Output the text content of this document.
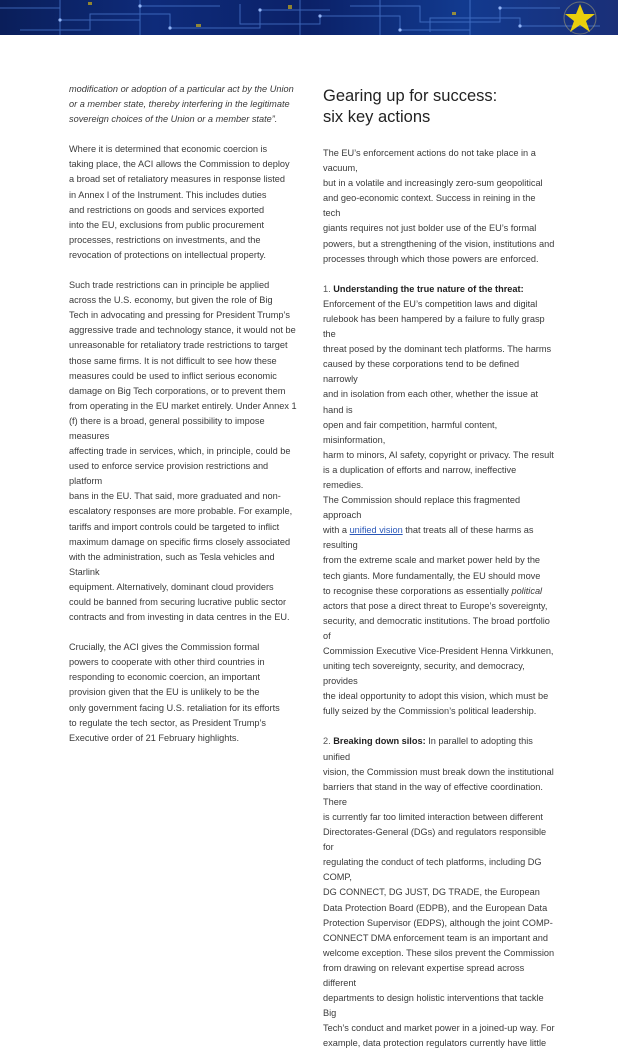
modification or adoption of a particular act by the Union
or a member state, thereby interfering in the legitimate
sovereign choices of the Union or a member state”.

Where it is determined that economic coercion is
taking place, the ACI allows the Commission to deploy
a broad set of retaliatory measures in response listed
in Annex I of the Instrument. This includes duties
and restrictions on goods and services exported
into the EU, exclusions from public procurement
processes, restrictions on investments, and the
revocation of protections on intellectual property.

Such trade restrictions can in principle be applied
across the U.S. economy, but given the role of Big
Tech in advocating and pressing for President Trump’s
aggressive trade and technology stance, it would not be
unreasonable for retaliatory trade restrictions to target
those same firms. It is not difficult to see how these
measures could be used to inflict serious economic
damage on Big Tech corporations, or to prevent them
from operating in the EU market entirely. Under Annex 1
(f) there is a broad, general possibility to impose measures
affecting trade in services, which, in principle, could be
used to enforce service provision restrictions and platform
bans in the EU. That said, more graduated and non-
escalatory responses are more probable. For example,
tariffs and import controls could be targeted to inflict
maximum damage on specific firms closely associated
with the administration, such as Tesla vehicles and Starlink
equipment. Alternatively, dominant cloud providers
could be banned from securing lucrative public sector
contracts and from investing in data centres in the EU.

Crucially, the ACI gives the Commission formal
powers to cooperate with other third countries in
responding to economic coercion, an important
provision given that the EU is unlikely to be the
only government facing U.S. retaliation for its efforts
to regulate the tech sector, as President Trump’s
Executive order of 21 February highlights.

Gearing up for success:
six key actions

The EU’s enforcement actions do not take place in a vacuum,
but in a volatile and increasingly zero-sum geopolitical
and geo-economic context. Success in reining in the tech
giants requires not just bolder use of the EU’s formal
powers, but a strengthening of the vision, institutions and
processes through which those powers are enforced.

1. Understanding the true nature of the threat:
Enforcement of the EU’s competition laws and digital
rulebook has been hampered by a failure to fully grasp the
threat posed by the dominant tech platforms. The harms
caused by these corporations tend to be defined narrowly
and in isolation from each other, whether the issue at hand is
open and fair competition, harmful content, misinformation,
harm to minors, AI safety, copyright or privacy. The result
is a duplication of efforts and narrow, ineffective remedies.
The Commission should replace this fragmented approach
with a unified vision that treats all of these harms as resulting
from the extreme scale and market power held by the
tech giants. More fundamentally, the EU should move
to recognise these corporations as essentially political
actors that pose a direct threat to Europe’s sovereignty,
security, and democratic institutions. The broad portfolio of
Commission Executive Vice-President Henna Virkkunen,
uniting tech sovereignty, security, and democracy, provides
the ideal opportunity to adopt this vision, which must be
fully seized by the Commission’s political leadership.

2. Breaking down silos: In parallel to adopting this unified
vision, the Commission must break down the institutional
barriers that stand in the way of effective coordination. There
is currently far too limited interaction between different
Directorates-General (DGs) and regulators responsible for
regulating the conduct of tech platforms, including DG COMP,
DG CONNECT, DG JUST, DG TRADE, the European
Data Protection Board (EDPB), and the European Data
Protection Supervisor (EDPS), although the joint COMP-
CONNECT DMA enforcement team is an important and
welcome exception. These silos prevent the Commission
from drawing on relevant expertise spread across different
departments to design holistic interventions that tackle Big
Tech’s conduct and market power in a joined-up way. For
example, data protection regulators currently have little
